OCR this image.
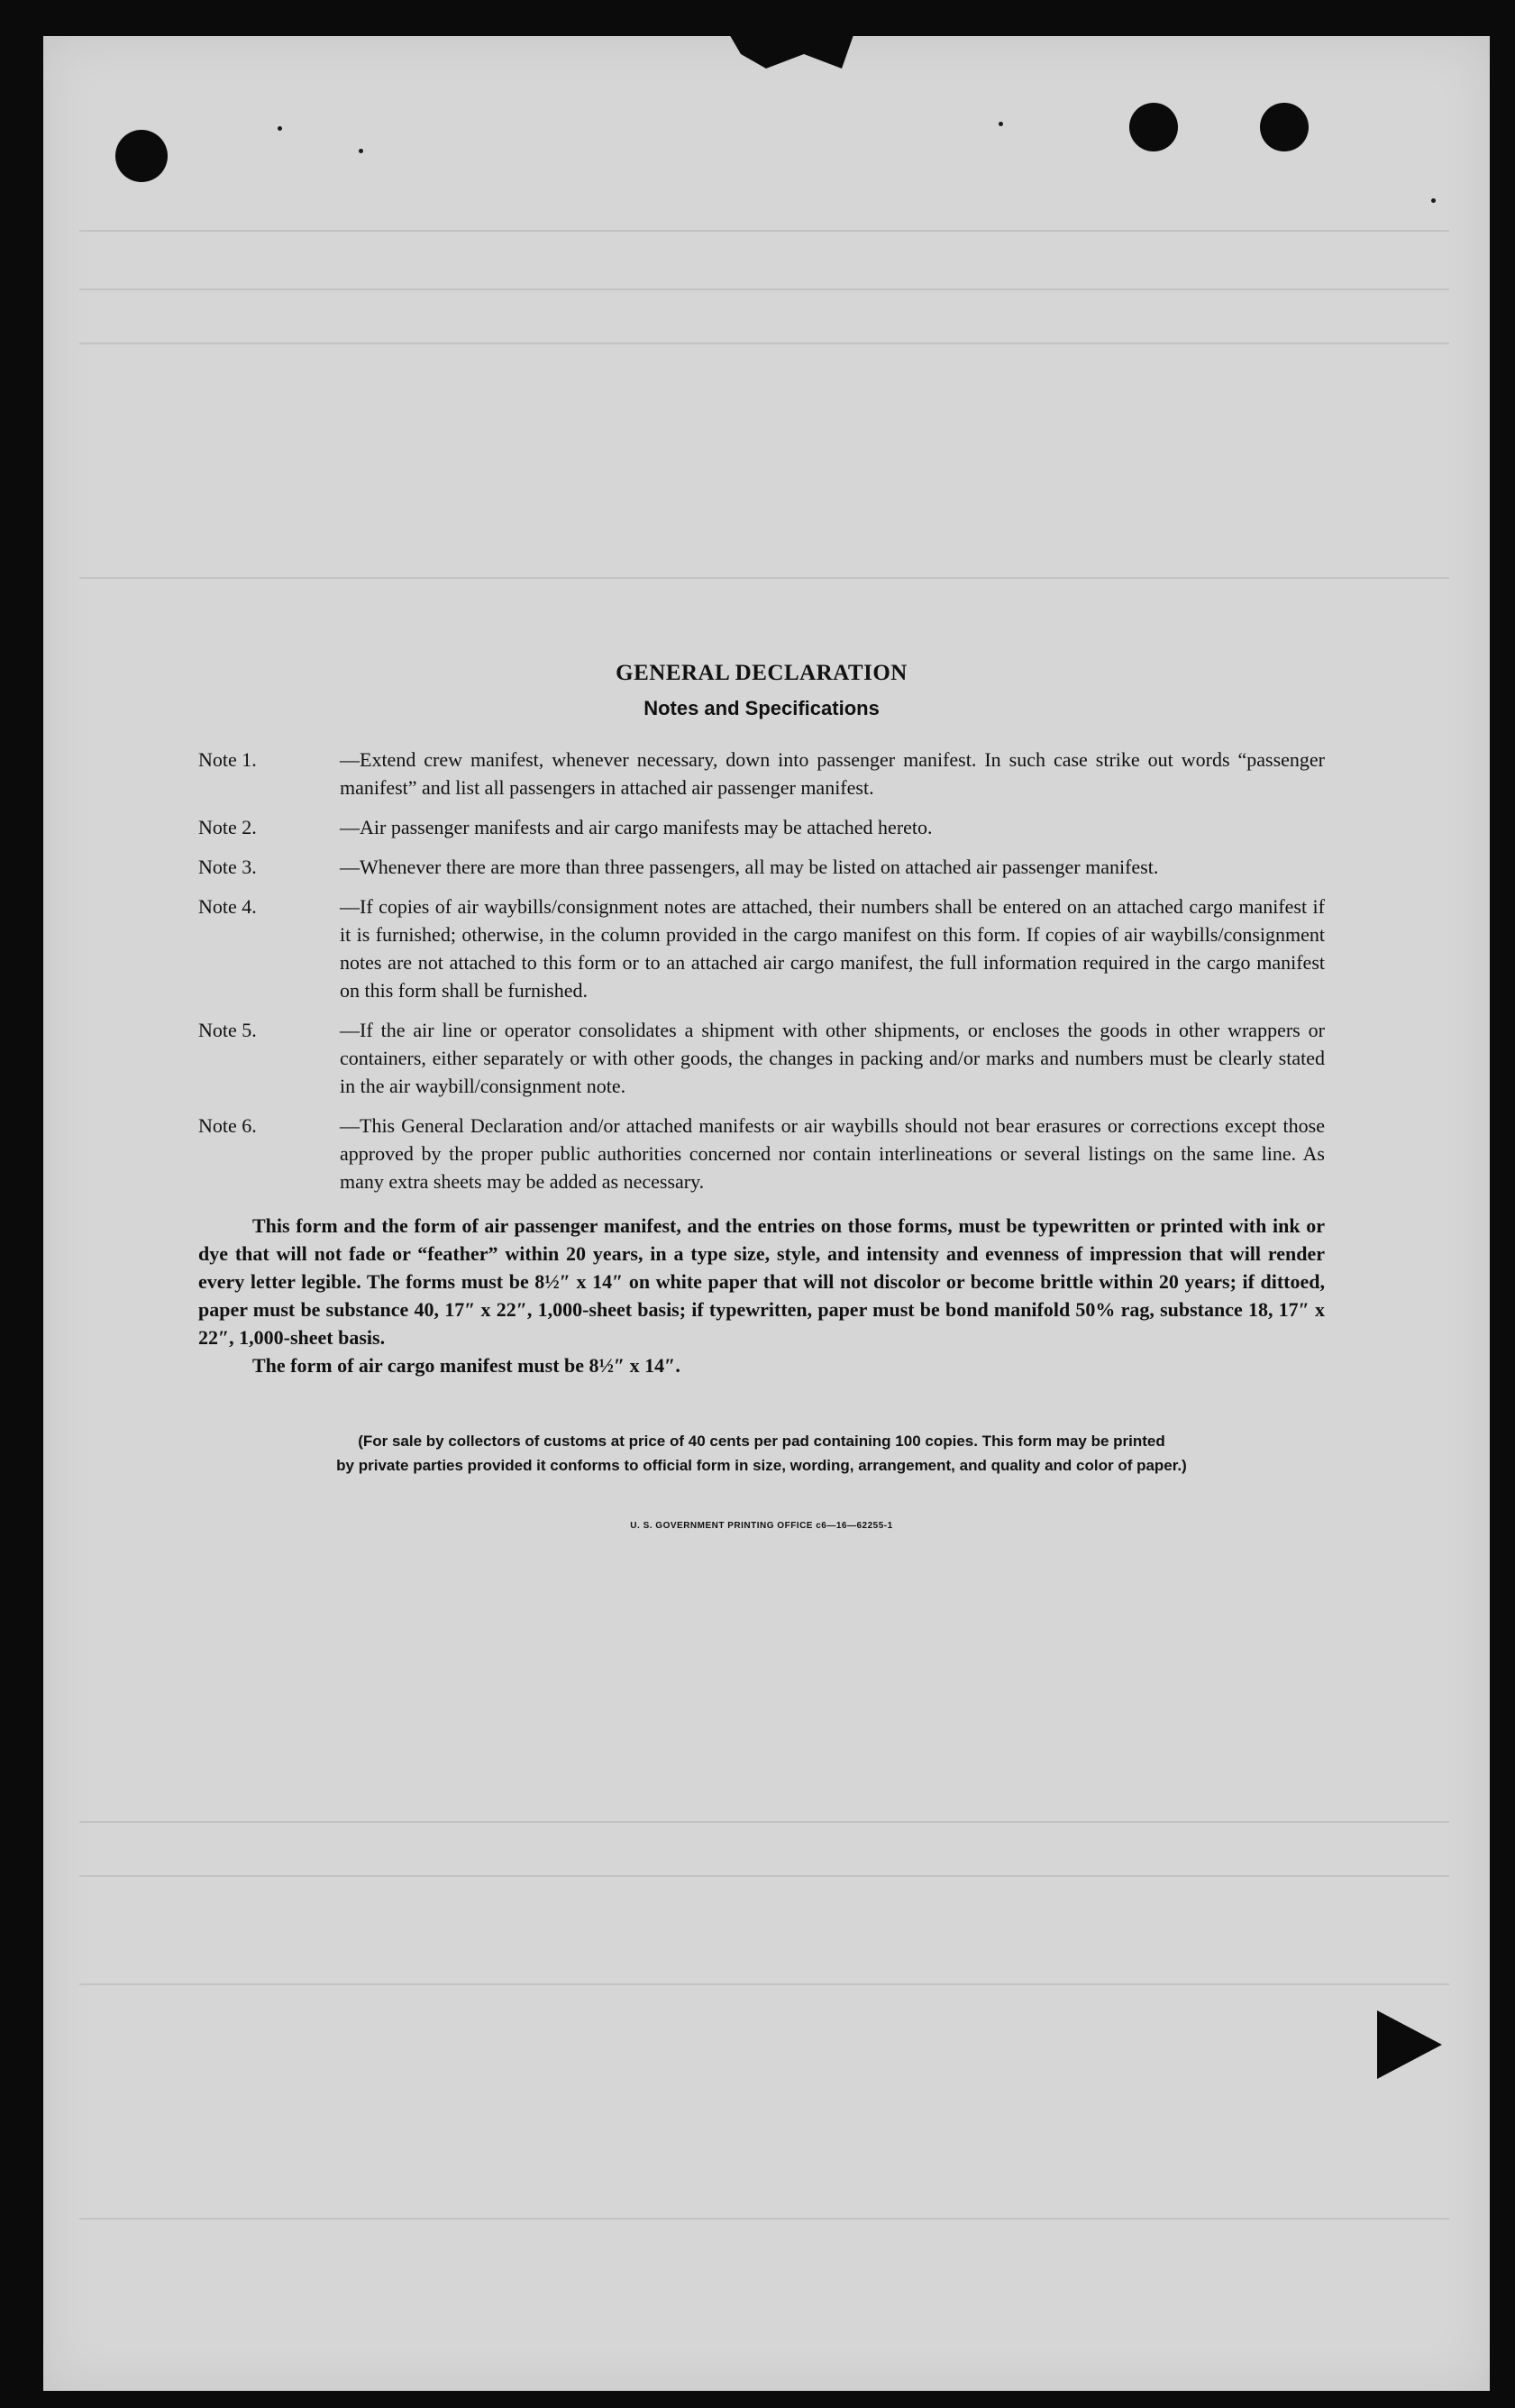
GENERAL DECLARATION
Notes and Specifications
Note 1.	—Extend crew manifest, whenever necessary, down into passenger manifest. In such case strike out words “passenger manifest” and list all passengers in attached air passenger manifest.
Note 2.	—Air passenger manifests and air cargo manifests may be attached hereto.
Note 3.	—Whenever there are more than three passengers, all may be listed on attached air passenger manifest.
Note 4.	—If copies of air waybills/consignment notes are attached, their numbers shall be entered on an attached cargo manifest if it is furnished; otherwise, in the column provided in the cargo manifest on this form. If copies of air waybills/consignment notes are not attached to this form or to an attached air cargo manifest, the full information required in the cargo manifest on this form shall be furnished.
Note 5.	—If the air line or operator consolidates a shipment with other shipments, or encloses the goods in other wrappers or containers, either separately or with other goods, the changes in packing and/or marks and numbers must be clearly stated in the air waybill/consignment note.
Note 6.	—This General Declaration and/or attached manifests or air waybills should not bear erasures or corrections except those approved by the proper public authorities concerned nor contain interlineations or several listings on the same line. As many extra sheets may be added as necessary.
This form and the form of air passenger manifest, and the entries on those forms, must be typewritten or printed with ink or dye that will not fade or “feather” within 20 years, in a type size, style, and intensity and evenness of impression that will render every letter legible. The forms must be 8½″ x 14″ on white paper that will not discolor or become brittle within 20 years; if dittoed, paper must be substance 40, 17″ x 22″, 1,000-sheet basis; if typewritten, paper must be bond manifold 50% rag, substance 18, 17″ x 22″, 1,000-sheet basis.
The form of air cargo manifest must be 8½″ x 14″.
(For sale by collectors of customs at price of 40 cents per pad containing 100 copies. This form may be printed
by private parties provided it conforms to official form in size, wording, arrangement, and quality and color of paper.)
U. S. GOVERNMENT PRINTING OFFICE c6—16—62255-1
